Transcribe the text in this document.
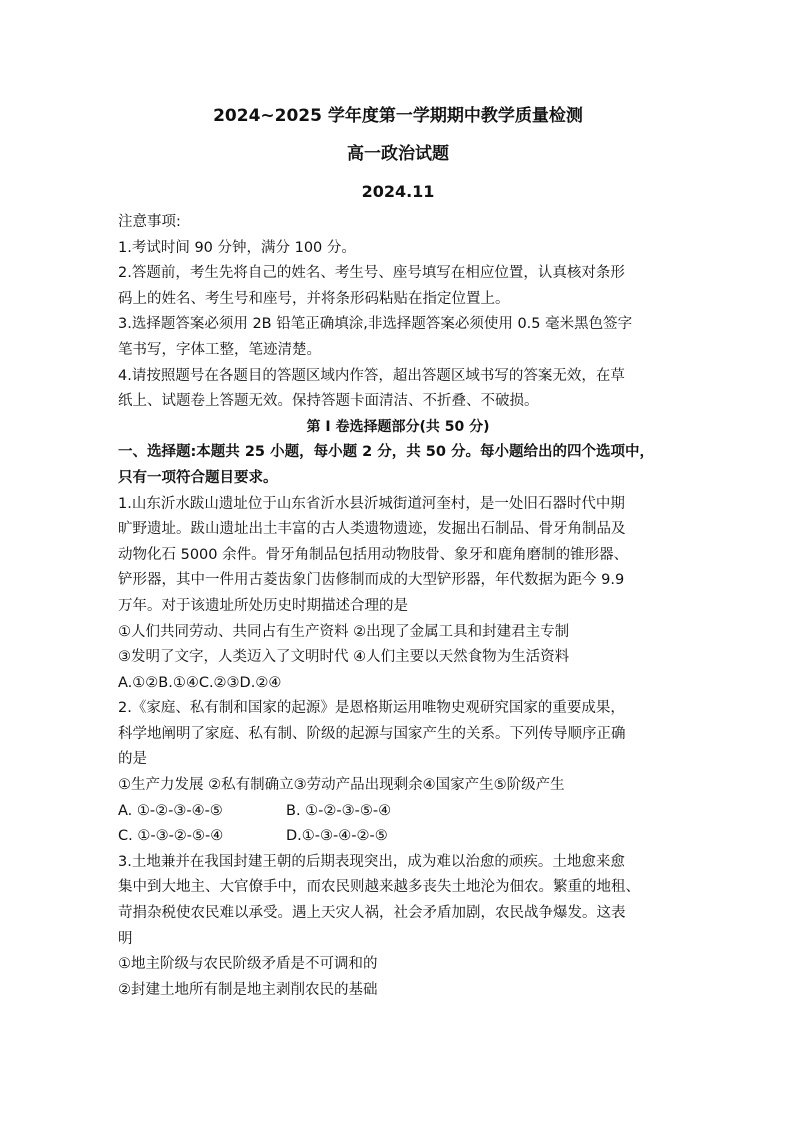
2024~2025 学年度第一学期期中教学质量检测
高一政治试题
2024.11
注意事项:
1.考试时间 90 分钟，满分 100 分。
2.答题前，考生先将自己的姓名、考生号、座号填写在相应位置，认真核对条形
码上的姓名、考生号和座号，并将条形码粘贴在指定位置上。
3.选择题答案必须用 2B 铅笔正确填涂,非选择题答案必须使用 0.5 毫米黑色签字
笔书写，字体工整，笔迹清楚。
4.请按照题号在各题目的答题区域内作答，超出答题区域书写的答案无效，在草
纸上、试题卷上答题无效。保持答题卡面清洁、不折叠、不破损。
第 I 卷选择题部分(共 50 分)
一、选择题:本题共 25 小题，每小题 2 分，共 50 分。每小题给出的四个选项中，
只有一项符合题目要求。
1.山东沂水跋山遗址位于山东省沂水县沂城街道河奎村，是一处旧石器时代中期
旷野遗址。跋山遗址出土丰富的古人类遗物遗迹，发掘出石制品、骨牙角制品及
动物化石 5000 余件。骨牙角制品包括用动物肢骨、象牙和鹿角磨制的锥形器、
铲形器，其中一件用古菱齿象门齿修制而成的大型铲形器，年代数据为距今 9.9
万年。对于该遗址所处历史时期描述合理的是
①人们共同劳动、共同占有生产资料 ②出现了金属工具和封建君主专制
③发明了文字，人类迈入了文明时代 ④人们主要以天然食物为生活资料
A.①②B.①④C.②③D.②④
2.《家庭、私有制和国家的起源》是恩格斯运用唯物史观研究国家的重要成果，
科学地阐明了家庭、私有制、阶级的起源与国家产生的关系。下列传导顺序正确
的是
①生产力发展 ②私有制确立③劳动产品出现剩余④国家产生⑤阶级产生
A. ①-②-③-④-⑤	B. ①-②-③-⑤-④
C. ①-③-②-⑤-④	D.①-③-④-②-⑤
3.土地兼并在我国封建王朝的后期表现突出，成为难以治愈的顽疾。土地愈来愈
集中到大地主、大官僚手中，而农民则越来越多丧失土地沦为佃农。繁重的地租、
苛捐杂税使农民难以承受。遇上天灾人祸，社会矛盾加剧，农民战争爆发。这表
明
①地主阶级与农民阶级矛盾是不可调和的
②封建土地所有制是地主剥削农民的基础
